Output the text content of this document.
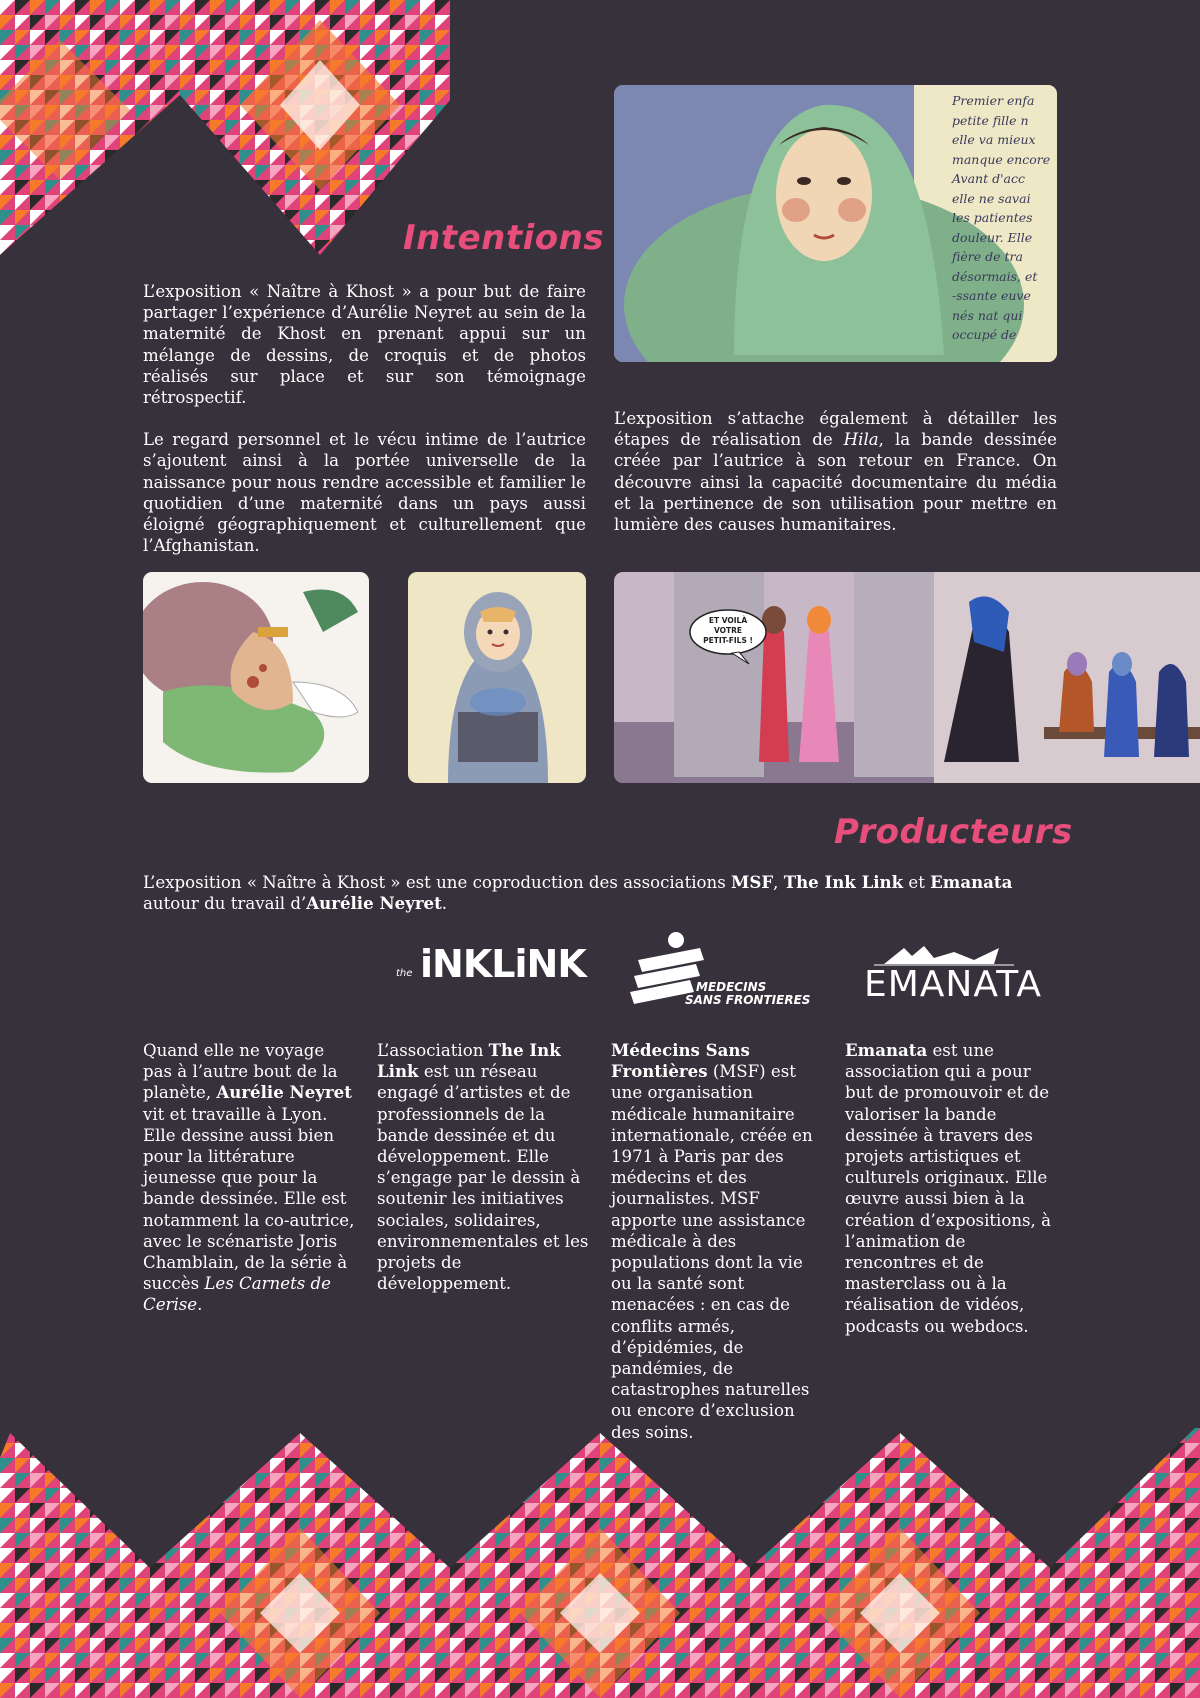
Intentions

L’exposition « Naître à Khost » a pour but de faire partager l’expérience d’Aurélie Neyret au sein de la maternité de Khost en prenant appui sur un mélange de dessins, de croquis et de photos réalisés sur place et sur son témoignage rétrospectif.

Le regard personnel et le vécu intime de l’autrice s’ajoutent ainsi à la portée universelle de la naissance pour nous rendre accessible et familier le quotidien d’une maternité dans un pays aussi éloigné géographiquement et culturellement que l’Afghanistan.

Premier enfa
petite fille n
elle va mieux
manque encore
Avant d'acc
elle ne savai
les patientes
douleur. Elle
fière de tra
désormais, et
-ssante euve
nés nat qui
occupé de

L’exposition s’attache également à détailler les étapes de réalisation de Hila, la bande dessinée créée par l’autrice à son retour en France. On découvre ainsi la capacité documentaire du média et la pertinence de son utilisation pour mettre en lumière des causes humanitaires.

ET VOILÀ
VOTRE
PETIT-FILS !
Producteurs
L’exposition « Naître à Khost » est une coproduction des associations MSF, The Ink Link et Emanata
autour du travail d’Aurélie Neyret.
the iNKLiNK
MEDECINS
SANS FRONTIERES EMANATA
Quand elle ne voyage pas à l’autre bout de la planète, Aurélie Neyret vit et travaille à Lyon. Elle dessine aussi bien pour la littérature jeunesse que pour la bande dessinée. Elle est notamment la co-autrice, avec le scénariste Joris Chamblain, de la série à succès Les Carnets de Cerise.
L’association The Ink Link est un réseau engagé d’artistes et de professionnels de la bande dessinée et du développement. Elle s’engage par le dessin à soutenir les initiatives sociales, solidaires, environnementales et les projets de développement.
Médecins Sans Frontières (MSF) est une organisation médicale humanitaire internationale, créée en 1971 à Paris par des médecins et des journalistes. MSF apporte une assistance médicale à des populations dont la vie ou la santé sont menacées : en cas de conflits armés, d’épidémies, de pandémies, de catastrophes naturelles ou encore d’exclusion des soins.
Emanata est une association qui a pour but de promouvoir et de valoriser la bande dessinée à travers des projets artistiques et culturels originaux. Elle œuvre aussi bien à la création d’expositions, à l’animation de rencontres et de masterclass ou à la réalisation de vidéos, podcasts ou webdocs.
